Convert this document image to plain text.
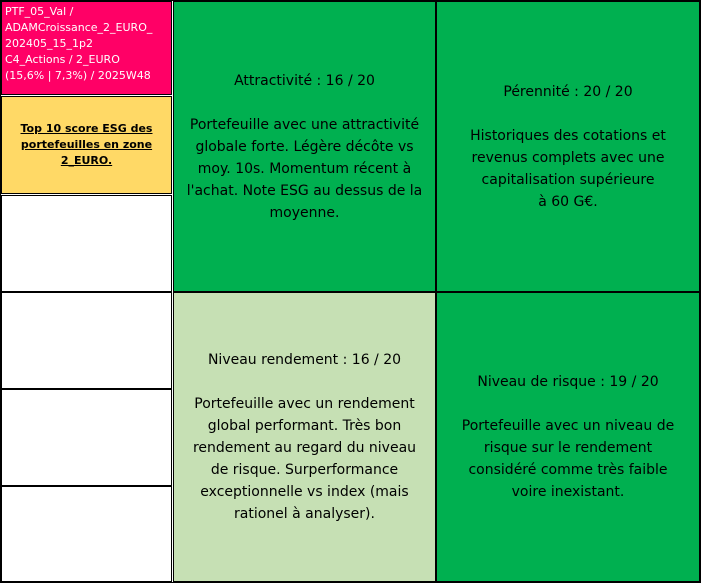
PTF_05_Val /
ADAMCroissance_2_EURO_
202405_15_1p2
C4_Actions / 2_EURO
(15,6% | 7,3%) / 2025W48
Top 10 score ESG des
portefeuilles en zone
2_EURO.
Attractivité : 16 / 20
Portefeuille avec une attractivité
globale forte. Légère décôte vs
moy. 10s. Momentum récent à
l'achat. Note ESG au dessus de la
moyenne.
Pérennité : 20 / 20
Historiques des cotations et
revenus complets avec une
capitalisation supérieure
à 60 G€.
Niveau rendement : 16 / 20
Portefeuille avec un rendement
global performant. Très bon
rendement au regard du niveau
de risque. Surperformance
exceptionnelle vs index (mais
rationel à analyser).
Niveau de risque : 19 / 20
Portefeuille avec un niveau de
risque sur le rendement
considéré comme très faible
voire inexistant.
